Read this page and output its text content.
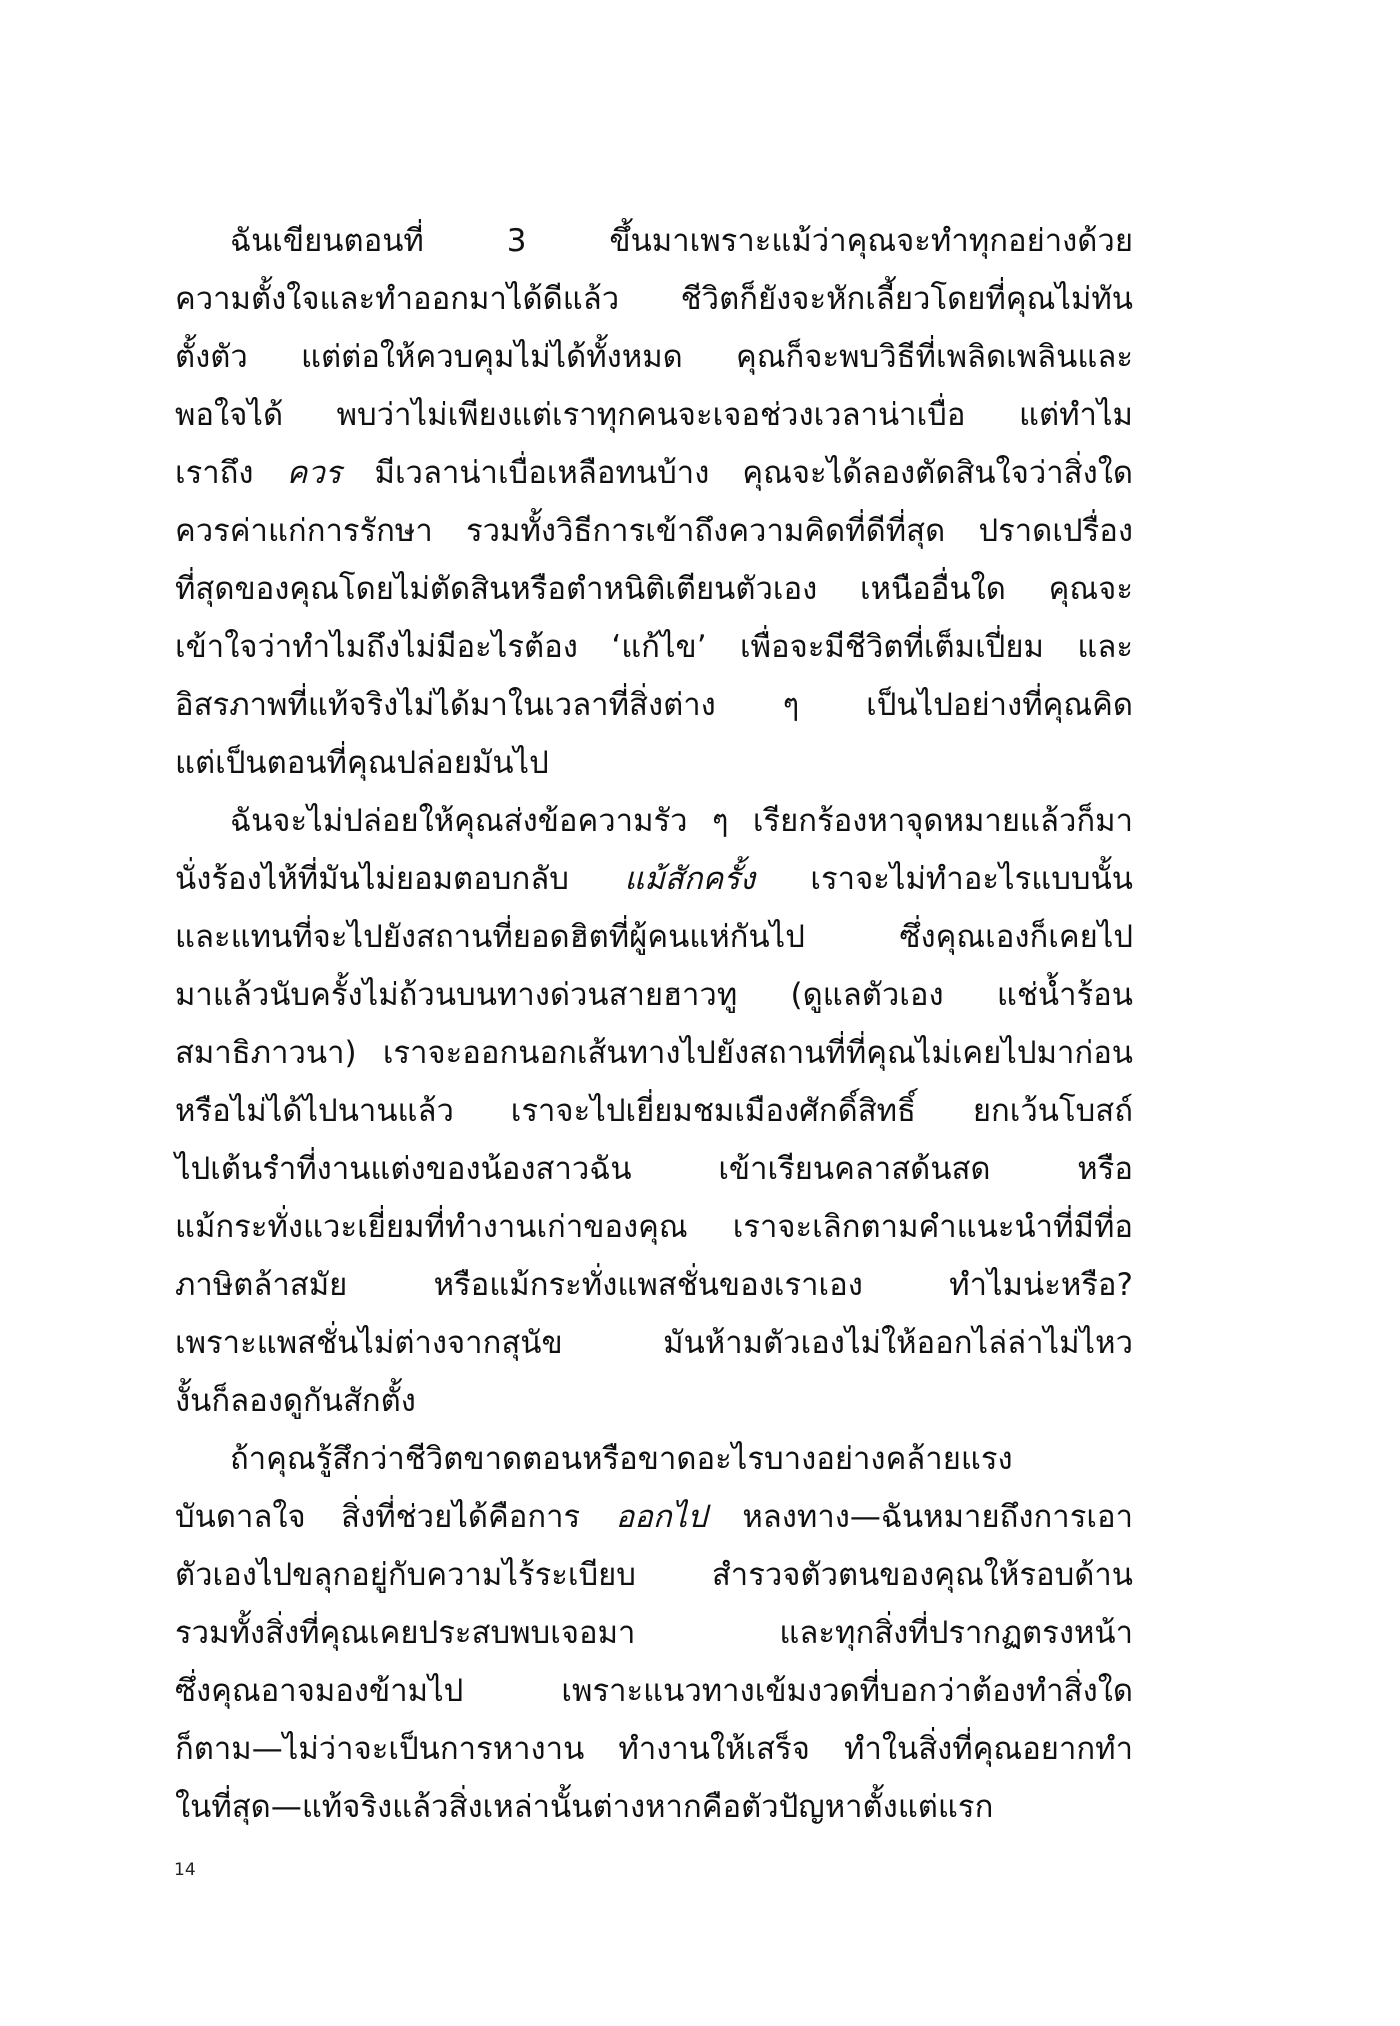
ฉันเขียนตอนที่ 3 ขึ้นมาเพราะแม้ว่าคุณจะทำทุกอย่างด้วย
ความตั้งใจและทำออกมาได้ดีแล้ว ชีวิตก็ยังจะหักเลี้ยวโดยที่คุณไม่ทัน
ตั้งตัว แต่ต่อให้ควบคุมไม่ได้ทั้งหมด คุณก็จะพบวิธีที่เพลิดเพลินและ
พอใจได้ พบว่าไม่เพียงแต่เราทุกคนจะเจอช่วงเวลาน่าเบื่อ แต่ทำไม
เราถึง ควร มีเวลาน่าเบื่อเหลือทนบ้าง คุณจะได้ลองตัดสินใจว่าสิ่งใด
ควรค่าแก่การรักษา รวมทั้งวิธีการเข้าถึงความคิดที่ดีที่สุด ปราดเปรื่อง
ที่สุดของคุณโดยไม่ตัดสินหรือตำหนิติเตียนตัวเอง เหนืออื่นใด คุณจะ
เข้าใจว่าทำไมถึงไม่มีอะไรต้อง ‘แก้ไข’ เพื่อจะมีชีวิตที่เต็มเปี่ยม และ
อิสรภาพที่แท้จริงไม่ได้มาในเวลาที่สิ่งต่าง ๆ เป็นไปอย่างที่คุณคิด
แต่เป็นตอนที่คุณปล่อยมันไป
ฉันจะไม่ปล่อยให้คุณส่งข้อความรัว ๆ เรียกร้องหาจุดหมายแล้วก็มา
นั่งร้องไห้ที่มันไม่ยอมตอบกลับ แม้สักครั้ง เราจะไม่ทำอะไรแบบนั้น
และแทนที่จะไปยังสถานที่ยอดฮิตที่ผู้คนแห่กันไป ซึ่งคุณเองก็เคยไป
มาแล้วนับครั้งไม่ถ้วนบนทางด่วนสายฮาวทู (ดูแลตัวเอง แช่น้ำร้อน
สมาธิภาวนา) เราจะออกนอกเส้นทางไปยังสถานที่ที่คุณไม่เคยไปมาก่อน
หรือไม่ได้ไปนานแล้ว เราจะไปเยี่ยมชมเมืองศักดิ์สิทธิ์ ยกเว้นโบสถ์
ไปเต้นรำที่งานแต่งของน้องสาวฉัน เข้าเรียนคลาสด้นสด หรือ
แม้กระทั่งแวะเยี่ยมที่ทำงานเก่าของคุณ เราจะเลิกตามคำแนะนำที่มีที่อ
ภาษิตล้าสมัย หรือแม้กระทั่งแพสชั่นของเราเอง ทำไมน่ะหรือ?
เพราะแพสชั่นไม่ต่างจากสุนัข มันห้ามตัวเองไม่ให้ออกไล่ล่าไม่ไหว
งั้นก็ลองดูกันสักตั้ง
ถ้าคุณรู้สึกว่าชีวิตขาดตอนหรือขาดอะไรบางอย่างคล้ายแรง
บันดาลใจ สิ่งที่ช่วยได้คือการ ออกไป หลงทาง—ฉันหมายถึงการเอา
ตัวเองไปขลุกอยู่กับความไร้ระเบียบ สำรวจตัวตนของคุณให้รอบด้าน
รวมทั้งสิ่งที่คุณเคยประสบพบเจอมา และทุกสิ่งที่ปรากฏตรงหน้า
ซึ่งคุณอาจมองข้ามไป เพราะแนวทางเข้มงวดที่บอกว่าต้องทำสิ่งใด
ก็ตาม—ไม่ว่าจะเป็นการหางาน ทำงานให้เสร็จ ทำในสิ่งที่คุณอยากทำ
ในที่สุด—แท้จริงแล้วสิ่งเหล่านั้นต่างหากคือตัวปัญหาตั้งแต่แรก
14
